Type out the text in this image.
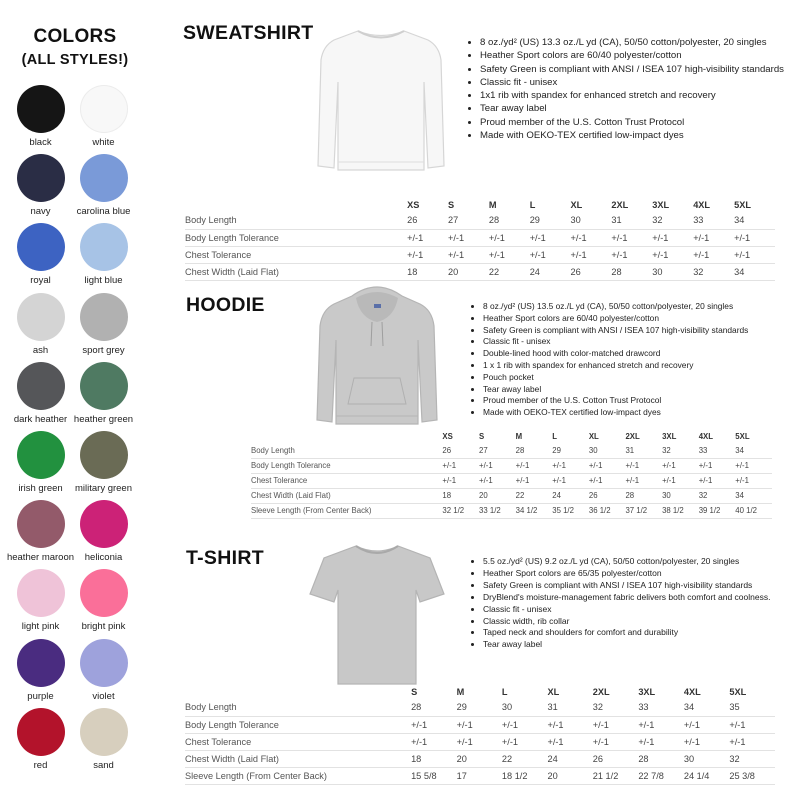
COLORS
(ALL STYLES!)
black	white
navy	carolina blue
royal	light blue
ash	sport grey
dark heather heather green
irish green	military green
heather maroon	heliconia
light pink	bright pink
purple	violet
red	sand
SWEATSHIRT	• 8 oz./yd² (US) 13.3 oz./L yd (CA), 50/50 cotton/polyester, 20 singles
• Heather Sport colors are 60/40 polyester/cotton
• Safety Green is compliant with ANSI / ISEA 107 high-visibility standards
• Classic fit - unisex
• 1x1 rib with spandex for enhanced stretch and recovery
• Tear away label
• Proud member of the U.S. Cotton Trust Protocol
• Made with OEKO-TEX certified low-impact dyes
	XS	S	M	L	XL	2XL	3XL	4XL	5XL
Body Length	26	27	28	29	30	31	32	33	34
Body Length Tolerance	+/-1	+/-1	+/-1	+/-1	+/-1	+/-1	+/-1	+/-1	+/-1
Chest Tolerance	+/-1	+/-1	+/-1	+/-1	+/-1	+/-1	+/-1	+/-1	+/-1
Chest Width (Laid Flat)	18	20	22	24	26	28	30	32	34
HOODIE	• 8 oz./yd² (US) 13.5 oz./L yd (CA), 50/50 cotton/polyester, 20 singles
• Heather Sport colors are 60/40 polyester/cotton
• Safety Green is compliant with ANSI / ISEA 107 high-visibility standards
• Classic fit - unisex
• Double-lined hood with color-matched drawcord
• 1 x 1 rib with spandex for enhanced stretch and recovery
• Pouch pocket
• Tear away label
• Proud member of the U.S. Cotton Trust Protocol
• Made with OEKO-TEX certified low-impact dyes
	XS	S	M	L	XL	2XL	3XL	4XL	5XL
Body Length	26	27	28	29	30	31	32	33	34
Body Length Tolerance	+/-1	+/-1	+/-1	+/-1	+/-1	+/-1	+/-1	+/-1	+/-1
Chest Tolerance	+/-1	+/-1	+/-1	+/-1	+/-1	+/-1	+/-1	+/-1	+/-1
Chest Width (Laid Flat)	18	20	22	24	26	28	30	32	34
Sleeve Length (From Center Back)	32 1/2	33 1/2	34 1/2	35 1/2	36 1/2	37 1/2	38 1/2	39 1/2	40 1/2
T-SHIRT	• 5.5 oz./yd² (US) 9.2 oz./L yd (CA), 50/50 cotton/polyester, 20 singles
• Heather Sport colors are 65/35 polyester/cotton
• Safety Green is compliant with ANSI / ISEA 107 high-visibility standards
• DryBlend's moisture-management fabric delivers both comfort and coolness.
• Classic fit - unisex
• Classic width, rib collar
• Taped neck and shoulders for comfort and durability
• Tear away label
	S	M	L	XL	2XL	3XL	4XL	5XL
Body Length	28	29	30	31	32	33	34	35
Body Length Tolerance	+/-1	+/-1	+/-1	+/-1	+/-1	+/-1	+/-1	+/-1
Chest Tolerance	+/-1	+/-1	+/-1	+/-1	+/-1	+/-1	+/-1	+/-1
Chest Width (Laid Flat)	18	20	22	24	26	28	30	32
Sleeve Length (From Center Back)	15 5/8	17	18 1/2	20	21 1/2	22 7/8	24 1/4	25 3/8
